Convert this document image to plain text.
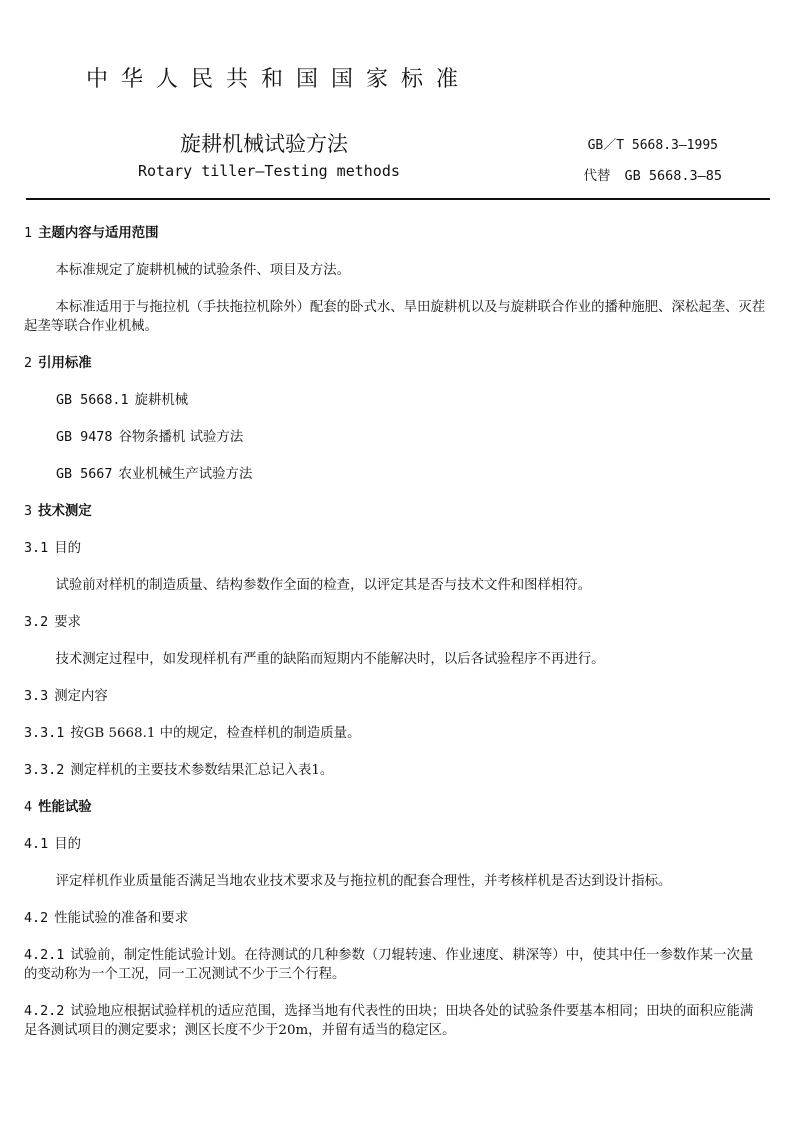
中华人民共和国国家标准
旋耕机械试验方法
Rotary tiller—Testing methods
GB／T 5668.3—1995
代替 GB 5668.3—85
1 主题内容与适用范围
本标准规定了旋耕机械的试验条件、项目及方法。
本标准适用于与拖拉机（手扶拖拉机除外）配套的卧式水、旱田旋耕机以及与旋耕联合作业的播种施肥、深松起垄、灭茬起垄等联合作业机械。
2 引用标准
GB 5668.1 旋耕机械
GB 9478 谷物条播机 试验方法
GB 5667 农业机械生产试验方法
3 技术测定
3.1 目的
试验前对样机的制造质量、结构参数作全面的检查，以评定其是否与技术文件和图样相符。
3.2 要求
技术测定过程中，如发现样机有严重的缺陷而短期内不能解决时，以后各试验程序不再进行。
3.3 测定内容
3.3.1 按GB 5668.1 中的规定，检查样机的制造质量。
3.3.2 测定样机的主要技术参数结果汇总记入表1。
4 性能试验
4.1 目的
评定样机作业质量能否满足当地农业技术要求及与拖拉机的配套合理性，并考核样机是否达到设计指标。
4.2 性能试验的准备和要求
4.2.1 试验前，制定性能试验计划。在待测试的几种参数（刀辊转速、作业速度、耕深等）中，使其中任一参数作某一次量的变动称为一个工况，同一工况测试不少于三个行程。
4.2.2 试验地应根据试验样机的适应范围，选择当地有代表性的田块；田块各处的试验条件要基本相同；田块的面积应能满足各测试项目的测定要求；测区长度不少于20m，并留有适当的稳定区。
